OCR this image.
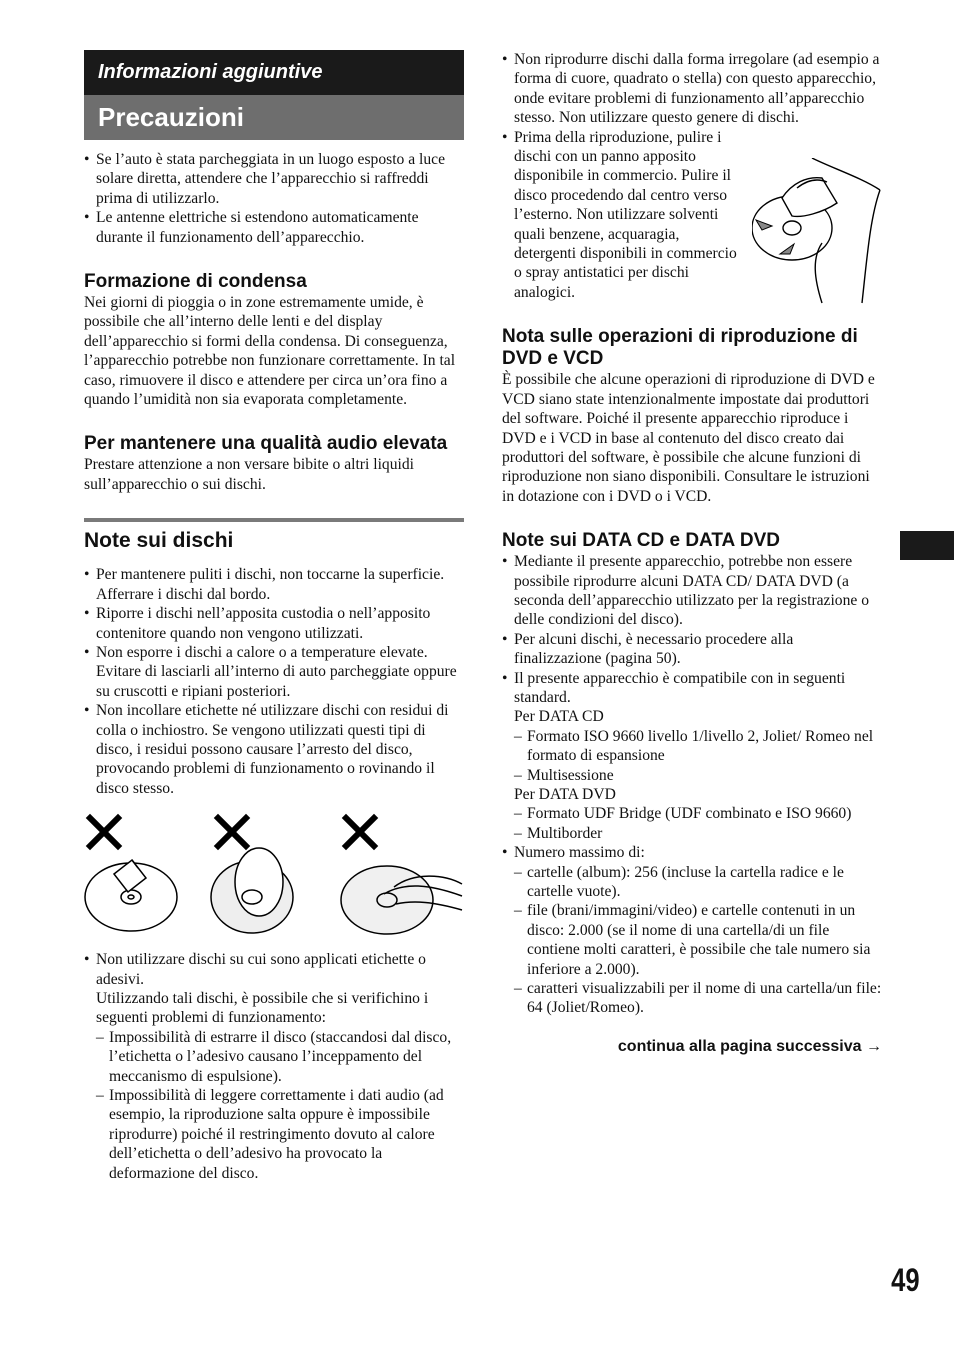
Informazioni aggiuntive
Precauzioni
• Se l’auto è stata parcheggiata in un luogo esposto a luce solare diretta, attendere che l’apparecchio si raffreddi prima di utilizzarlo.
• Le antenne elettriche si estendono automaticamente durante il funzionamento dell’apparecchio.
Formazione di condensa

Nei giorni di pioggia o in zone estremamente umide, è possibile che all’interno delle lenti e del display dell’apparecchio si formi della condensa. Di conseguenza, l’apparecchio potrebbe non funzionare correttamente. In tal caso, rimuovere il disco e attendere per circa un’ora fino a quando l’umidità non sia evaporata completamente.

Per mantenere una qualità audio elevata

Prestare attenzione a non versare bibite o altri liquidi sull’apparecchio o sui dischi.

Note sui dischi
• Per mantenere puliti i dischi, non toccarne la superficie. Afferrare i dischi dal bordo.
• Riporre i dischi nell’apposita custodia o nell’apposito contenitore quando non vengono utilizzati.
• Non esporre i dischi a calore o a temperature elevate. Evitare di lasciarli all’interno di auto parcheggiate oppure su cruscotti e ripiani posteriori.
• Non incollare etichette né utilizzare dischi con residui di colla o inchiostro. Se vengono utilizzati questi tipi di disco, i residui possono causare l’arresto del disco, provocando problemi di funzionamento o rovinando il disco stesso.
• Non utilizzare dischi su cui sono applicati etichette o adesivi.
Utilizzando tali dischi, è possibile che si verifichino i seguenti problemi di funzionamento:
– Impossibilità di estrarre il disco (staccandosi dal disco, l’etichetta o l’adesivo causano l’inceppamento del meccanismo di espulsione).
– Impossibilità di leggere correttamente i dati audio (ad esempio, la riproduzione salta oppure è impossibile riprodurre) poiché il restringimento dovuto al calore dell’etichetta o dell’adesivo ha provocato la deformazione del disco.
• Non riprodurre dischi dalla forma irregolare (ad esempio a forma di cuore, quadrato o stella) con questo apparecchio, onde evitare problemi di funzionamento all’apparecchio stesso. Non utilizzare questo genere di dischi.
• Prima della riproduzione, pulire i dischi con un panno apposito disponibile in commercio. Pulire il disco procedendo dal centro verso l’esterno. Non utilizzare solventi quali benzene, acquaragia, detergenti disponibili in commercio o spray antistatici per dischi analogici.
Nota sulle operazioni di riproduzione di DVD e VCD

È possibile che alcune operazioni di riproduzione di DVD e VCD siano state intenzionalmente impostate dai produttori del software. Poiché il presente apparecchio riproduce i DVD e i VCD in base al contenuto del disco creato dai produttori del software, è possibile che alcune funzioni di riproduzione non siano disponibili. Consultare le istruzioni in dotazione con i DVD o i VCD.

Note sui DATA CD e DATA DVD
• Mediante il presente apparecchio, potrebbe non essere possibile riprodurre alcuni DATA CD/ DATA DVD (a seconda dell’apparecchio utilizzato per la registrazione o delle condizioni del disco).
• Per alcuni dischi, è necessario procedere alla finalizzazione (pagina 50).
• Il presente apparecchio è compatibile con in seguenti standard.
Per DATA CD
– Formato ISO 9660 livello 1/livello 2, Joliet/ Romeo nel formato di espansione
– Multisessione
Per DATA DVD
– Formato UDF Bridge (UDF combinato e ISO 9660)
– Multiborder
• Numero massimo di:
– cartelle (album): 256 (incluse la cartella radice e le cartelle vuote).
– file (brani/immagini/video) e cartelle contenuti in un disco: 2.000 (se il nome di una cartella/di un file contiene molti caratteri, è possibile che tale numero sia inferiore a 2.000).
– caratteri visualizzabili per il nome di una cartella/un file: 64 (Joliet/Romeo).
continua alla pagina successiva →
49
